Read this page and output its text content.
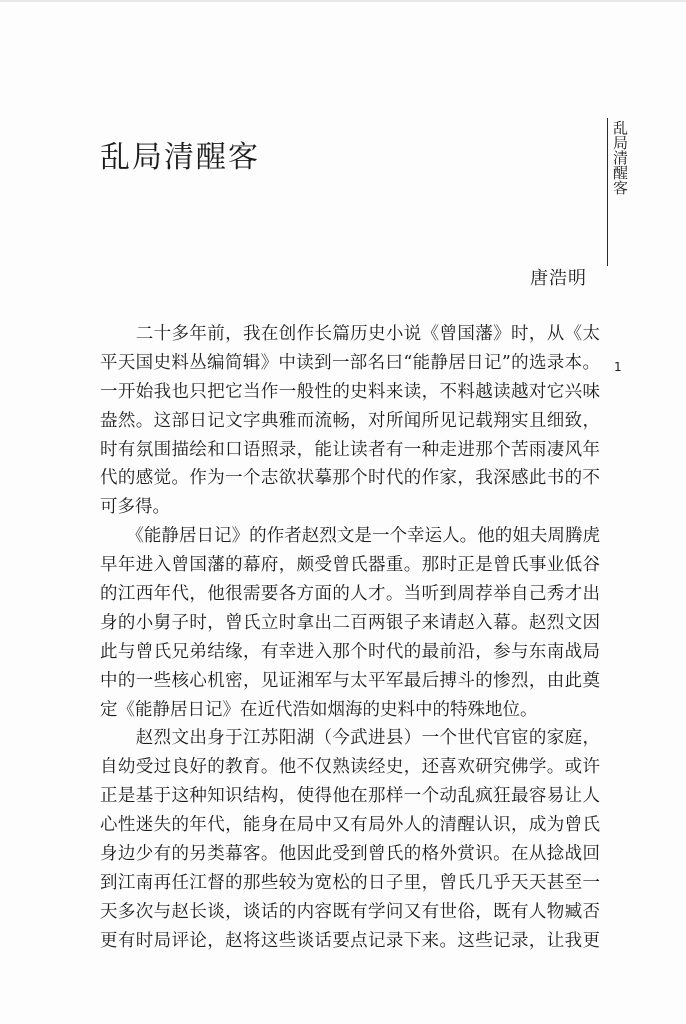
乱局清醒客	乱局清醒客
1
唐浩明

　　二十多年前，我在创作长篇历史小说《曾国藩》时，从《太
平天国史料丛编简辑》中读到一部名曰“能静居日记”的选录本。
一开始我也只把它当作一般性的史料来读，不料越读越对它兴味
盎然。这部日记文字典雅而流畅，对所闻所见记载翔实且细致，
时有氛围描绘和口语照录，能让读者有一种走进那个苦雨凄风年
代的感觉。作为一个志欲状摹那个时代的作家，我深感此书的不
可多得。

　　《能静居日记》的作者赵烈文是一个幸运人。他的姐夫周腾虎
早年进入曾国藩的幕府，颇受曾氏器重。那时正是曾氏事业低谷
的江西年代，他很需要各方面的人才。当听到周荐举自己秀才出
身的小舅子时，曾氏立时拿出二百两银子来请赵入幕。赵烈文因
此与曾氏兄弟结缘，有幸进入那个时代的最前沿，参与东南战局
中的一些核心机密，见证湘军与太平军最后搏斗的惨烈，由此奠
定《能静居日记》在近代浩如烟海的史料中的特殊地位。

　　赵烈文出身于江苏阳湖（今武进县）一个世代官宦的家庭，
自幼受过良好的教育。他不仅熟读经史，还喜欢研究佛学。或许
正是基于这种知识结构，使得他在那样一个动乱疯狂最容易让人
心性迷失的年代，能身在局中又有局外人的清醒认识，成为曾氏
身边少有的另类幕客。他因此受到曾氏的格外赏识。在从捻战回
到江南再任江督的那些较为宽松的日子里，曾氏几乎天天甚至一
天多次与赵长谈，谈话的内容既有学问又有世俗，既有人物臧否
更有时局评论，赵将这些谈话要点记录下来。这些记录，让我更
